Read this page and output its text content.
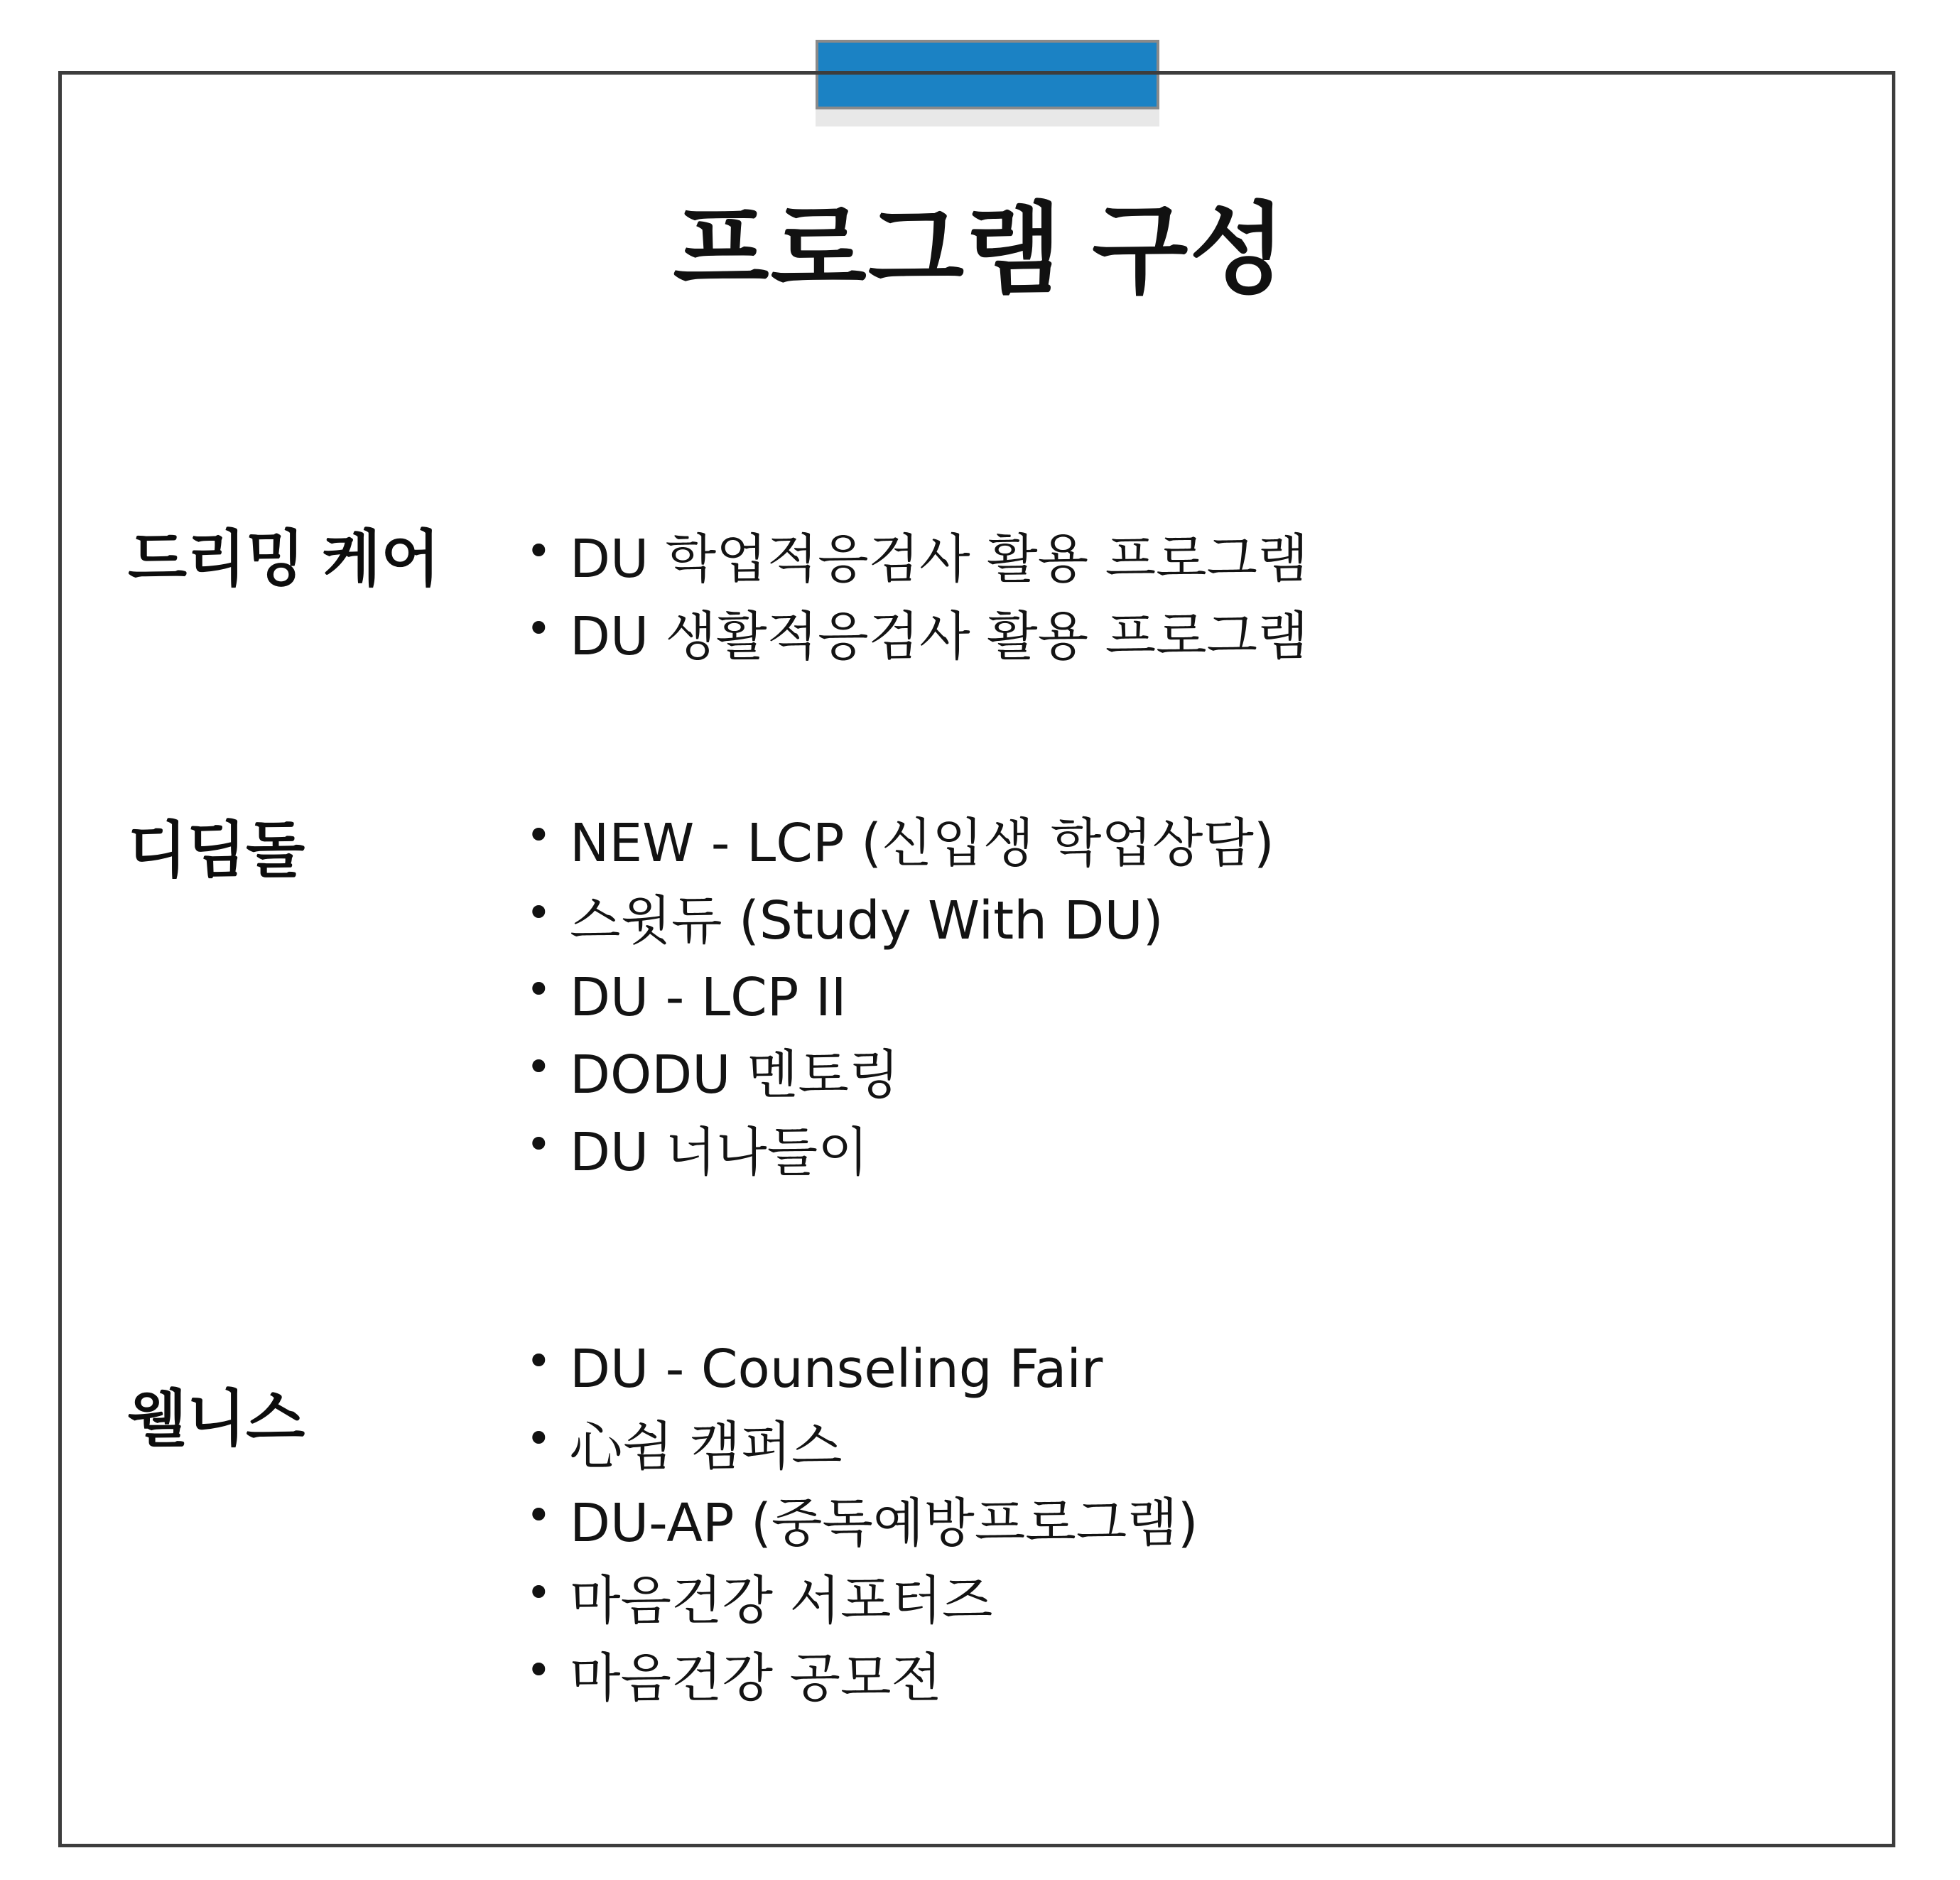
프로그램 구성
드리밍 케어	• DU 학업적응검사 활용 프로그램
• DU 생활적응검사 활용 프로그램
디딤돌	• NEW - LCP (신입생 학업상담)
• 스윗듀 (Study With DU)
• DU - LCP II
• DODU 멘토링
• DU 너나들이
웰니스
• DU - Counseling Fair
• 心쉼 캠퍼스
• DU-AP (중독예방프로그램)
• 마음건강 서포터즈
• 마음건강 공모전
